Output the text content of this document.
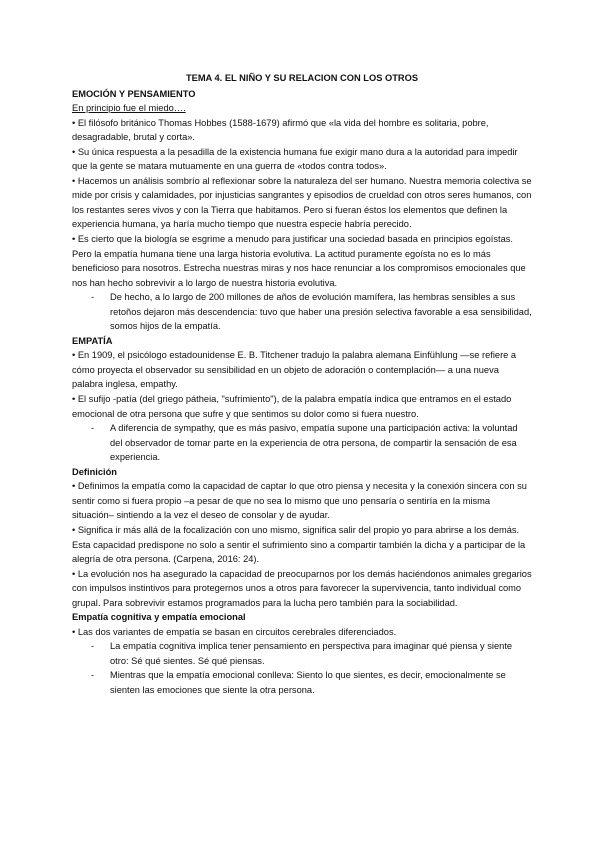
TEMA 4. EL NIÑO Y SU RELACION CON LOS OTROS

EMOCIÓN Y PENSAMIENTO

En principio fue el miedo….

• El filósofo británico Thomas Hobbes (1588-1679) afirmó que «la vida del hombre es solitaria, pobre, desagradable, brutal y corta».

• Su única respuesta a la pesadilla de la existencia humana fue exigir mano dura a la autoridad para impedir que la gente se matara mutuamente en una guerra de «todos contra todos».

• Hacemos un análisis sombrío al reflexionar sobre la naturaleza del ser humano. Nuestra memoria colectiva se mide por crisis y calamidades, por injusticias sangrantes y episodios de crueldad con otros seres humanos, con los restantes seres vivos y con la Tierra que habitamos. Pero si fueran éstos los elementos que definen la experiencia humana, ya haría mucho tiempo que nuestra especie habría perecido.

• Es cierto que la biología se esgrime a menudo para justificar una sociedad basada en principios egoístas. Pero la empatía humana tiene una larga historia evolutiva. La actitud puramente egoísta no es lo más beneficioso para nosotros. Estrecha nuestras miras y nos hace renunciar a los compromisos emocionales que nos han hecho sobrevivir a lo largo de nuestra historia evolutiva.

- De hecho, a lo largo de 200 millones de años de evolución mamífera, las hembras sensibles a sus retoños dejaron más descendencia: tuvo que haber una presión selectiva favorable a esa sensibilidad, somos hijos de la empatía.

EMPATÍA

• En 1909, el psicólogo estadounidense E. B. Titchener tradujo la palabra alemana Einfühlung —se refiere a cómo proyecta el observador su sensibilidad en un objeto de adoración o contemplación— a una nueva palabra inglesa, empathy.

• El sufijo -patía (del griego pátheia, "sufrimiento"), de la palabra empatía indica que entramos en el estado emocional de otra persona que sufre y que sentimos su dolor como si fuera nuestro.

- A diferencia de sympathy, que es más pasivo, empatía supone una participación activa: la voluntad del observador de tomar parte en la experiencia de otra persona, de compartir la sensación de esa experiencia.

Definición

• Definimos la empatía como la capacidad de captar lo que otro piensa y necesita y la conexión sincera con su sentir como si fuera propio –a pesar de que no sea lo mismo que uno pensaría o sentiría en la misma situación– sintiendo a la vez el deseo de consolar y de ayudar.

• Significa ir más allá de la focalización con uno mismo, significa salir del propio yo para abrirse a los demás. Esta capacidad predispone no solo a sentir el sufrimiento sino a compartir también la dicha y a participar de la alegría de otra persona. (Carpena, 2016: 24).

• La evolución nos ha asegurado la capacidad de preocuparnos por los demás haciéndonos animales gregarios con impulsos instintivos para protegernos unos a otros para favorecer la supervivencia, tanto individual como grupal. Para sobrevivir estamos programados para la lucha pero también para la sociabilidad.

Empatía cognitiva y empatía emocional

• Las dos variantes de empatía se basan en circuitos cerebrales diferenciados.

- La empatía cognitiva implica tener pensamiento en perspectiva para imaginar qué piensa y siente otro: Sé qué sientes. Sé qué piensas.

- Mientras que la empatía emocional conlleva: Siento lo que sientes, es decir, emocionalmente se sienten las emociones que siente la otra persona.
